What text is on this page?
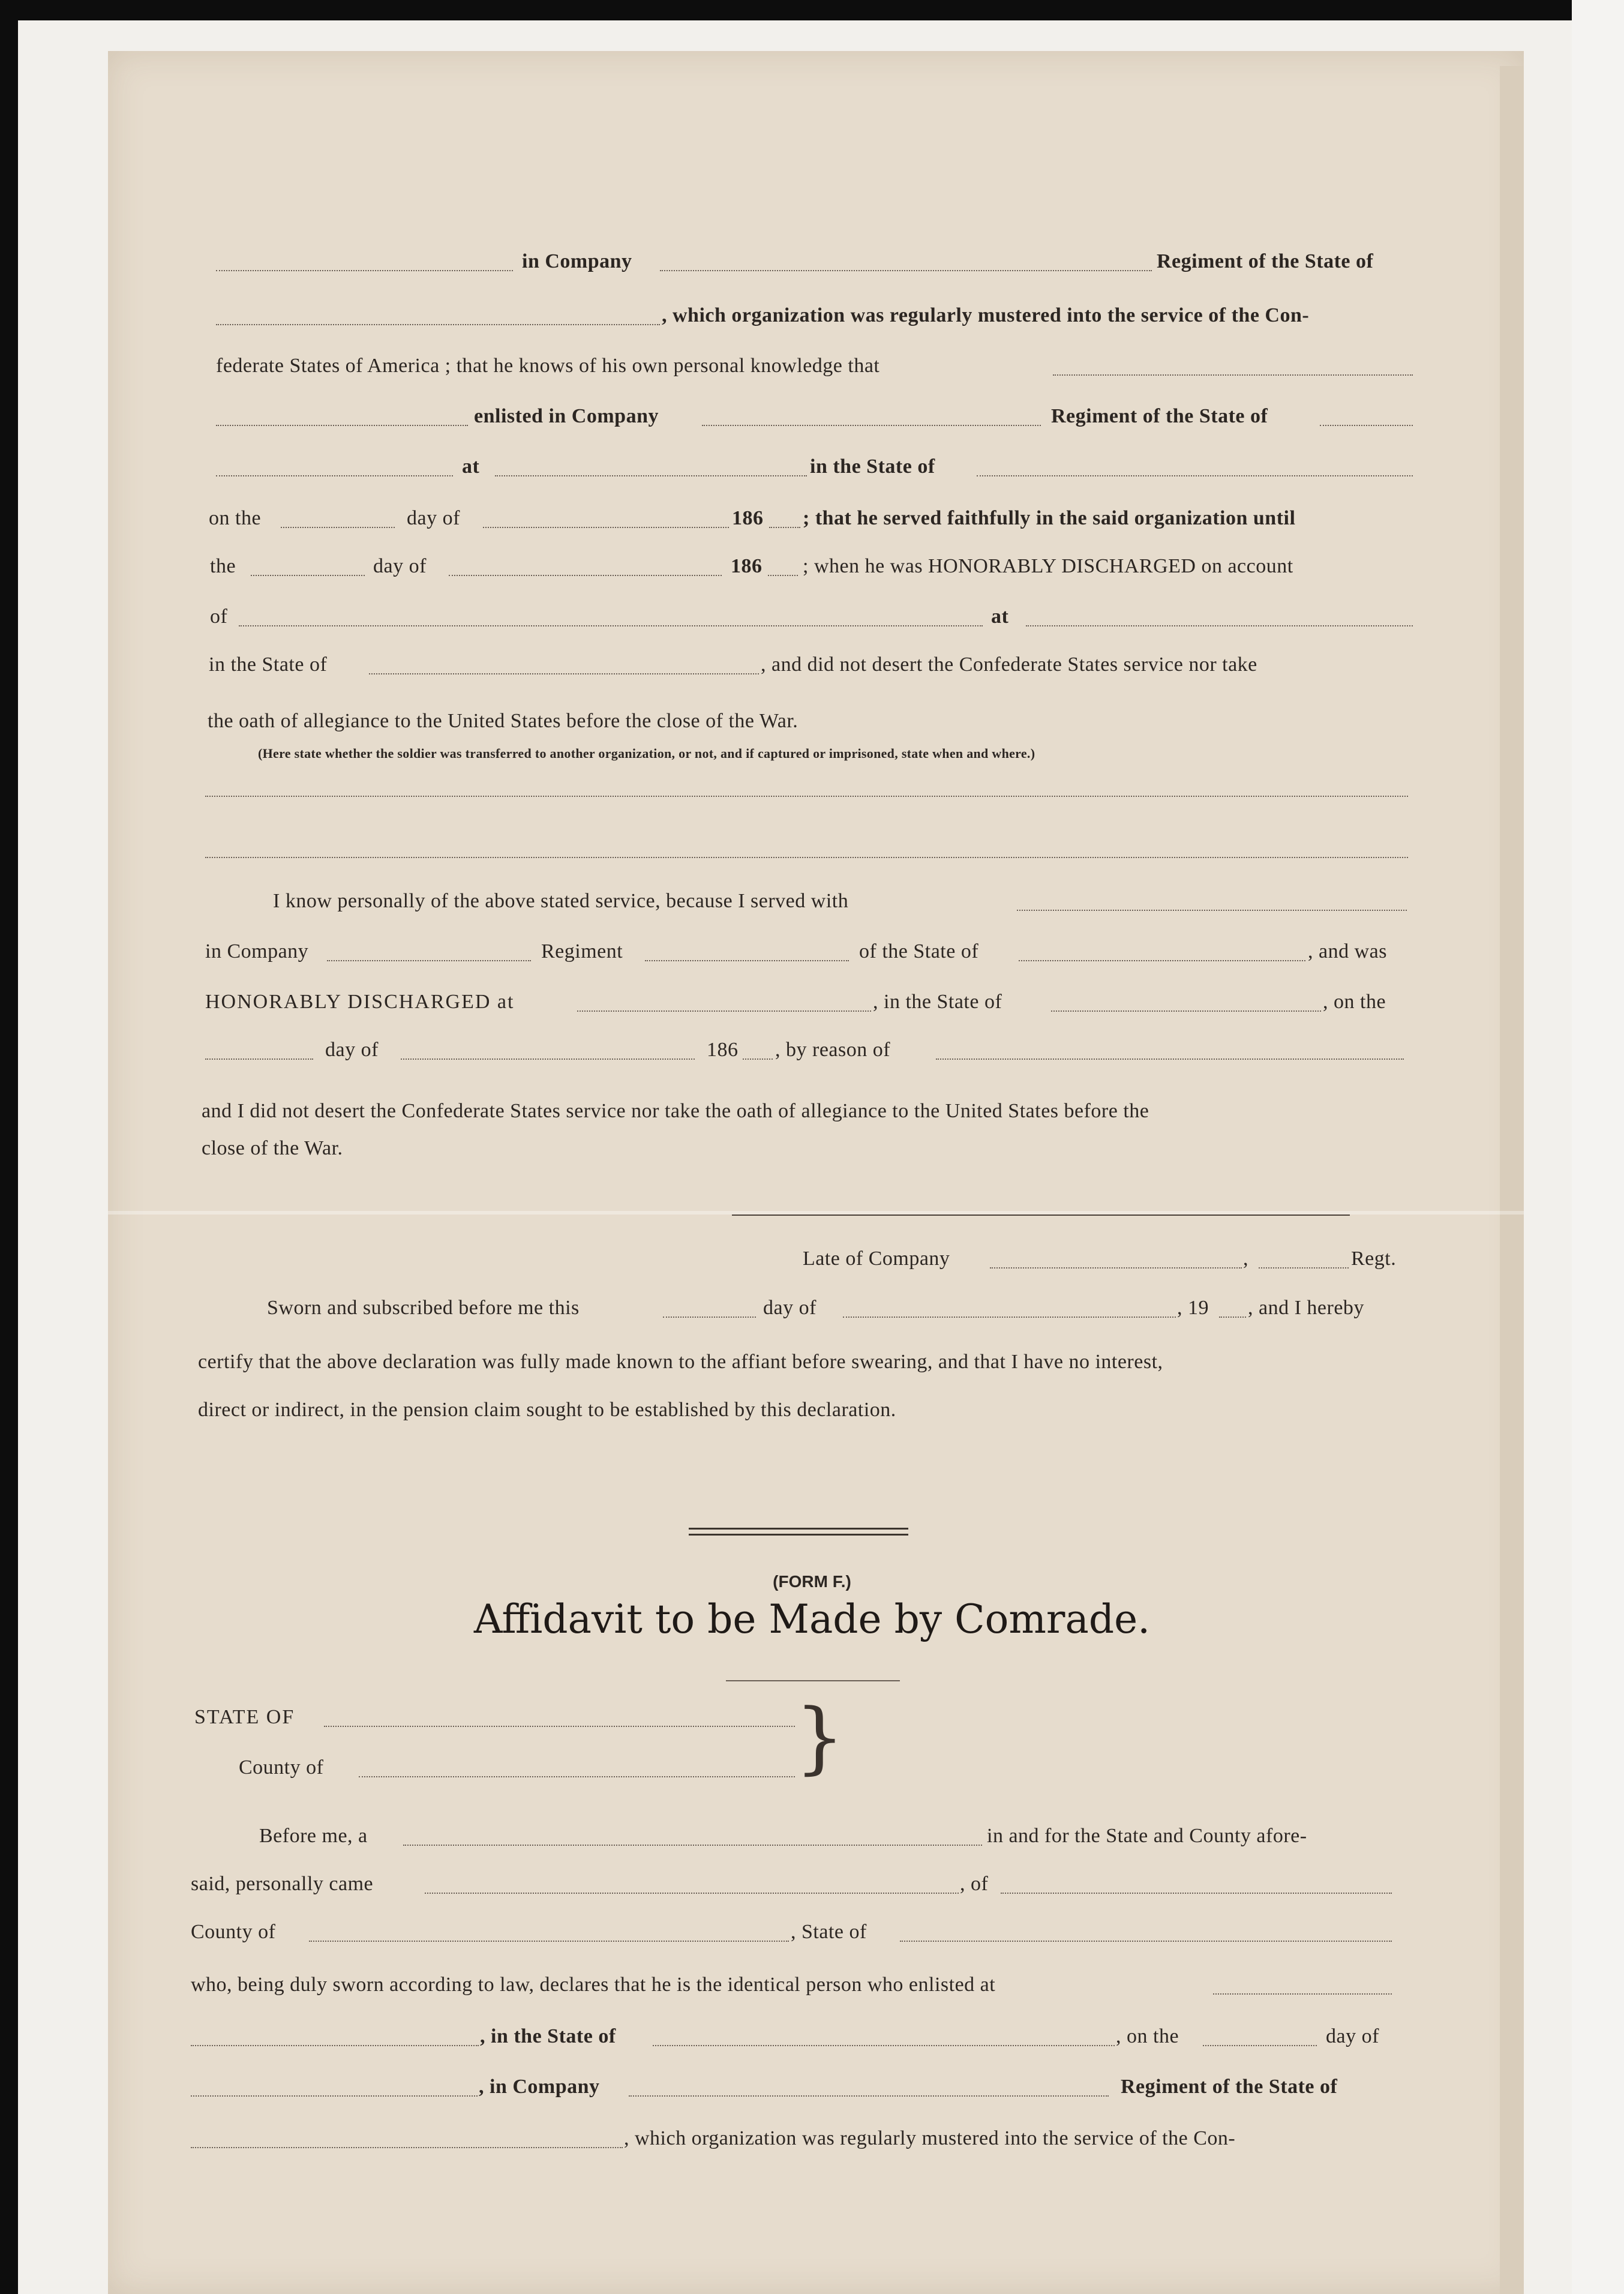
in Company	Regiment of the State of
, which organization was regularly mustered into the service of the Con-
federate States of America ; that he knows of his own personal knowledge that
enlisted in Company	Regiment of the State of
at	in the State of
on the	day of	186 ; that he served faithfully in the said organization until
the	day of	186 ; when he was HONORABLY DISCHARGED on account
of	at
in the State of	, and did not desert the Confederate States service nor take
the oath of allegiance to the United States before the close of the War.
(Here state whether the soldier was transferred to another organization, or not, and if captured or imprisoned, state when and where.)
I know personally of the above stated service, because I served with
in Company	Regiment	of the State of	, and was
HONORABLY DISCHARGED at	, in the State of	, on the
day of	186 , by reason of
and I did not desert the Confederate States service nor take the oath of allegiance to the United States before the
close of the War.
Late of Company	,	Regt.
Sworn and subscribed before me this	day of	, 19 , and I hereby
certify that the above declaration was fully made known to the affiant before swearing, and that I have no interest,
direct or indirect, in the pension claim sought to be established by this declaration.
(FORM F.)
Affidavit to be Made by Comrade.
STATE OF
County of	}
Before me, a	in and for the State and County afore-
said, personally came	, of
County of	, State of
who, being duly sworn according to law, declares that he is the identical person who enlisted at
, in the State of	, on the	day of
, in Company	Regiment of the State of
, which organization was regularly mustered into the service of the Con-
